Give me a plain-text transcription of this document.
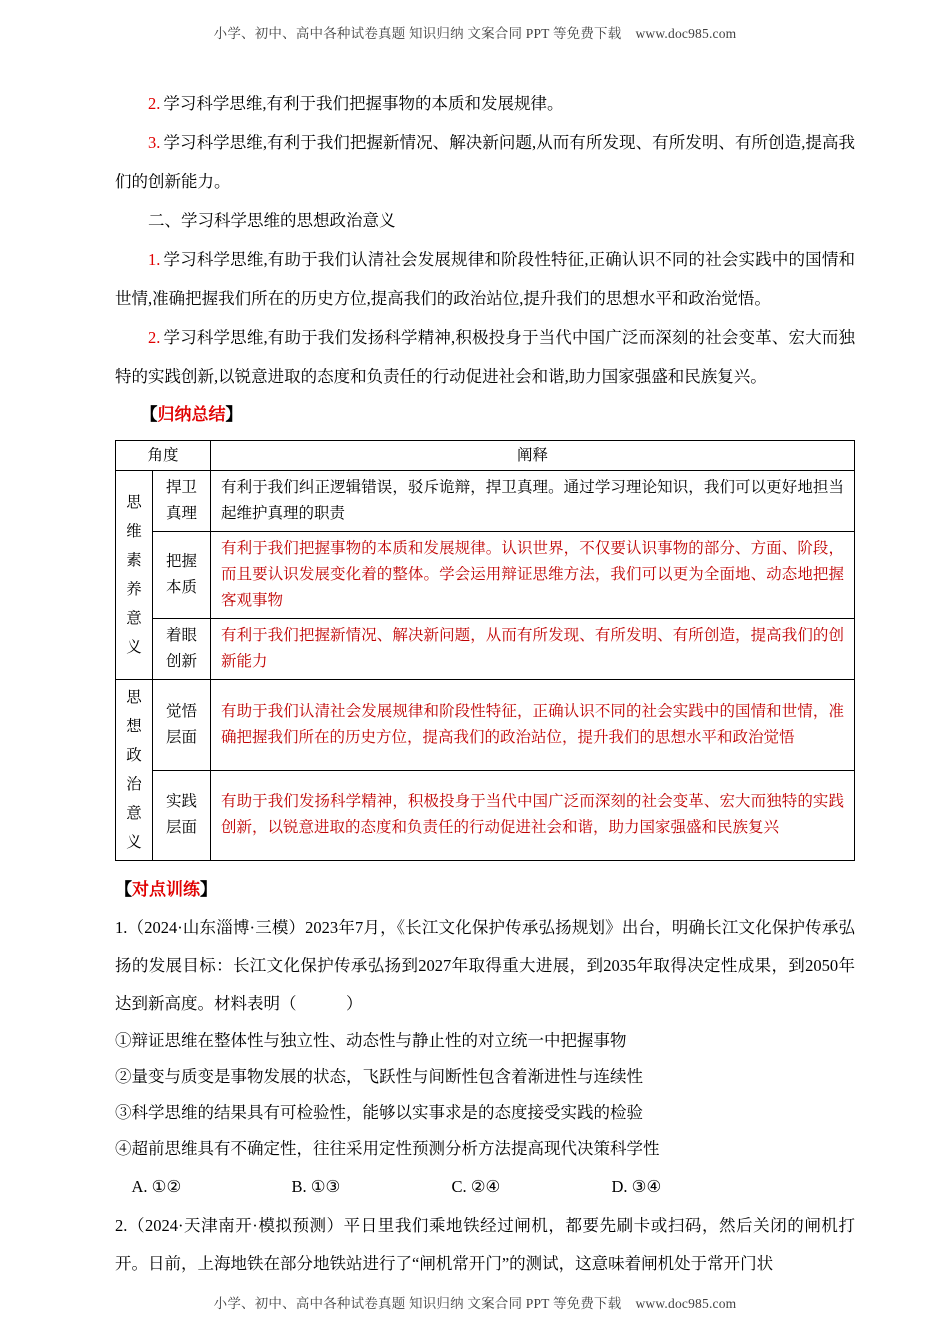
小学、初中、高中各种试卷真题 知识归纳 文案合同 PPT 等免费下载 www.doc985.com

2. 学习科学思维,有利于我们把握事物的本质和发展规律。

3. 学习科学思维,有利于我们把握新情况、解决新问题,从而有所发现、有所发明、有所创造,提高我们的创新能力。

二、学习科学思维的思想政治意义

1. 学习科学思维,有助于我们认清社会发展规律和阶段性特征,正确认识不同的社会实践中的国情和世情,准确把握我们所在的历史方位,提高我们的政治站位,提升我们的思想水平和政治觉悟。

2. 学习科学思维,有助于我们发扬科学精神,积极投身于当代中国广泛而深刻的社会变革、宏大而独特的实践创新,以锐意进取的态度和负责任的行动促进社会和谐,助力国家强盛和民族复兴。

【归纳总结】

角度		阐释
思维素养意义	捍卫真理	有利于我们纠正逻辑错误，驳斥诡辩，捍卫真理。通过学习理论知识，我们可以更好地担当起维护真理的职责
	把握本质	有利于我们把握事物的本质和发展规律。认识世界，不仅要认识事物的部分、方面、阶段，而且要认识发展变化着的整体。学会运用辩证思维方法，我们可以更为全面地、动态地把握客观事物
	着眼创新	有利于我们把握新情况、解决新问题，从而有所发现、有所发明、有所创造，提高我们的创新能力
思想政治意义	觉悟层面	有助于我们认清社会发展规律和阶段性特征，正确认识不同的社会实践中的国情和世情，准确把握我们所在的历史方位，提高我们的政治站位，提升我们的思想水平和政治觉悟
	实践层面	有助于我们发扬科学精神，积极投身于当代中国广泛而深刻的社会变革、宏大而独特的实践创新，以锐意进取的态度和负责任的行动促进社会和谐，助力国家强盛和民族复兴

【对点训练】

1.（2024·山东淄博·三模）2023年7月，《长江文化保护传承弘扬规划》出台，明确长江文化保护传承弘扬的发展目标：长江文化保护传承弘扬到2027年取得重大进展，到2035年取得决定性成果，到2050年达到新高度。材料表明（　　　）

①辩证思维在整体性与独立性、动态性与静止性的对立统一中把握事物
②量变与质变是事物发展的状态，飞跃性与间断性包含着渐进性与连续性
③科学思维的结果具有可检验性，能够以实事求是的态度接受实践的检验
④超前思维具有不确定性，往往采用定性预测分析方法提高现代决策科学性
A. ①②	B. ①③	C. ②④	D. ③④

2.（2024·天津南开·模拟预测）平日里我们乘地铁经过闸机，都要先刷卡或扫码，然后关闭的闸机打开。日前，上海地铁在部分地铁站进行了“闸机常开门”的测试，这意味着闸机处于常开门状

小学、初中、高中各种试卷真题 知识归纳 文案合同 PPT 等免费下载 www.doc985.com
